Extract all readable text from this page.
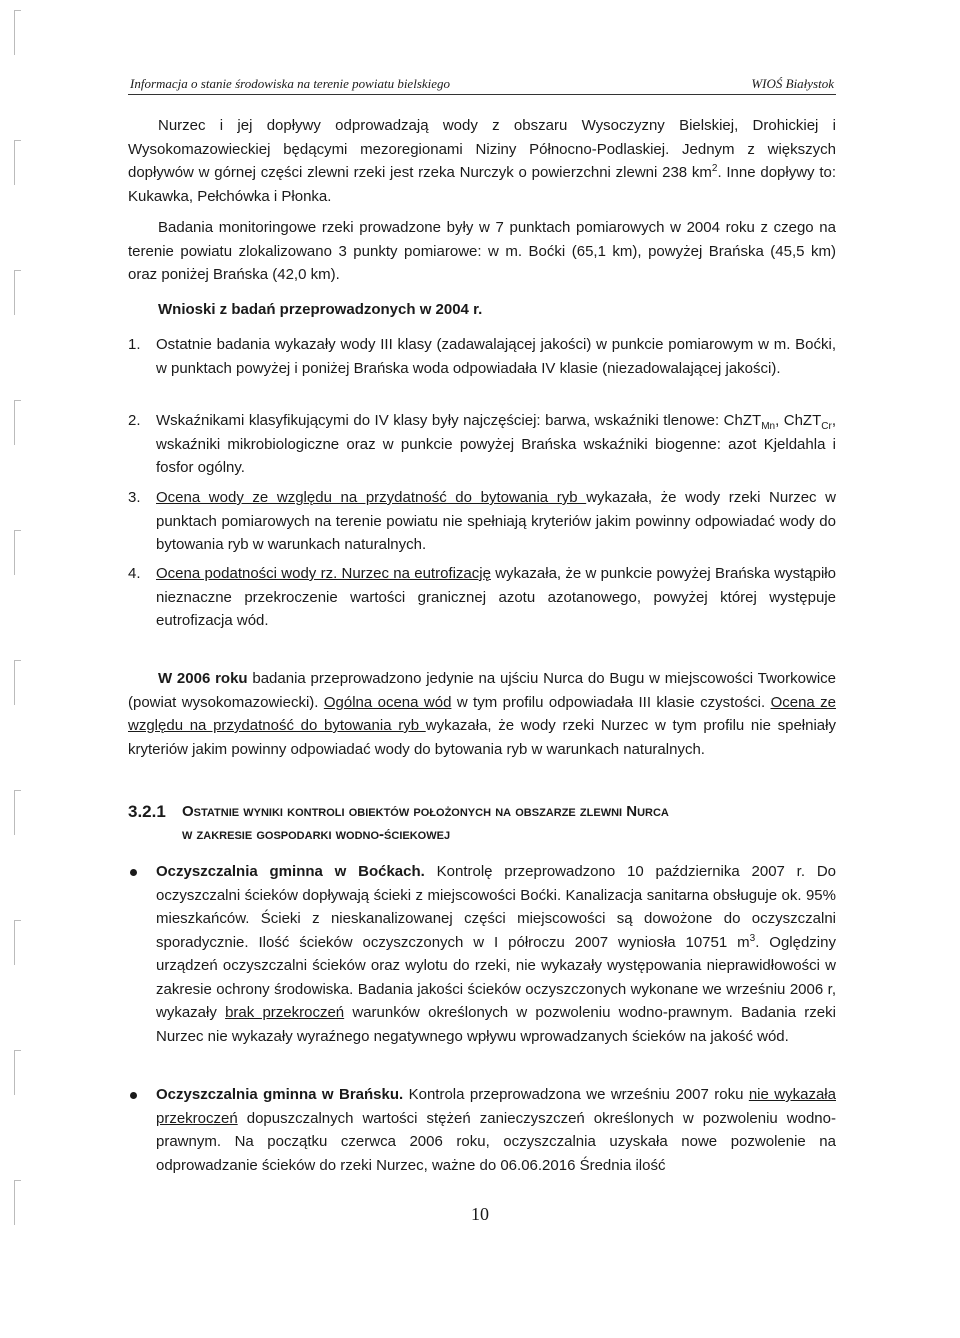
Informacja o stanie środowiska na terenie powiatu bielskiego	WIOŚ Białystok

Nurzec i jej dopływy odprowadzają wody z obszaru Wysoczyzny Bielskiej, Drohickiej i Wysokomazowieckiej będącymi mezoregionami Niziny Północno-Podlaskiej. Jednym z większych dopływów w górnej części zlewni rzeki jest rzeka Nurczyk o powierzchni zlewni 238 $km^2$. Inne dopływy to: Kukawka, Pełchówka i Płonka.

Badania monitoringowe rzeki prowadzone były w 7 punktach pomiarowych w 2004 roku z czego na terenie powiatu zlokalizowano 3 punkty pomiarowe: w m. Boćki (65,1 km), powyżej Brańska (45,5 km) oraz poniżej Brańska (42,0 km).

Wnioski z badań przeprowadzonych w 2004 r.
1.	Ostatnie badania wykazały wody III klasy (zadawalającej jakości) w punkcie pomiarowym w m. Boćki, w punktach powyżej i poniżej Brańska woda odpowiadała IV klasie (niezadowalającej jakości).
2.	Wskaźnikami klasyfikującymi do IV klasy były najczęściej: barwa, wskaźniki tlenowe: ChZT$_{Mn}$, ChZT$_{Cr}$, wskaźniki mikrobiologiczne oraz w punkcie powyżej Brańska wskaźniki biogenne: azot Kjeldahla i fosfor ogólny.
3.	Ocena wody ze względu na przydatność do bytowania ryb wykazała, że wody rzeki Nurzec w punktach pomiarowych na terenie powiatu nie spełniają kryteriów jakim powinny odpowiadać wody do bytowania ryb w warunkach naturalnych.
4.	Ocena podatności wody rz. Nurzec na eutrofizację wykazała, że w punkcie powyżej Brańska wystąpiło nieznaczne przekroczenie wartości granicznej azotu azotanowego, powyżej której występuje eutrofizacja wód.

W 2006 roku badania przeprowadzono jedynie na ujściu Nurca do Bugu w miejscowości Tworkowice (powiat wysokomazowiecki). Ogólna ocena wód w tym profilu odpowiadała III klasie czystości. Ocena ze względu na przydatność do bytowania ryb wykazała, że wody rzeki Nurzec w tym profilu nie spełniały kryteriów jakim powinny odpowiadać wody do bytowania ryb w warunkach naturalnych.

3.2.1 Ostatnie wyniki kontroli obiektów położonych na obszarze zlewni Nurca
w zakresie gospodarki wodno-ściekowej
Oczyszczalnia gminna w Boćkach. Kontrolę przeprowadzono 10 października 2007 r. Do oczyszczalni ścieków dopływają ścieki z miejscowości Boćki. Kanalizacja sanitarna obsługuje ok. 95% mieszkańców. Ścieki z nieskanalizowanej części miejscowości są dowożone do oczyszczalni sporadycznie. Ilość ścieków oczyszczonych w I półroczu 2007 wyniosła 10751 $m^3$. Oględziny urządzeń oczyszczalni ścieków oraz wylotu do rzeki, nie wykazały występowania nieprawidłowości w zakresie ochrony środowiska. Badania jakości ścieków oczyszczonych wykonane we wrześniu 2006 r, wykazały brak przekroczeń warunków określonych w pozwoleniu wodno-prawnym. Badania rzeki Nurzec nie wykazały wyraźnego negatywnego wpływu wprowadzanych ścieków na jakość wód.
Oczyszczalnia gminna w Brańsku. Kontrola przeprowadzona we wrześniu 2007 roku nie wykazała przekroczeń dopuszczalnych wartości stężeń zanieczyszczeń określonych w pozwoleniu wodno-prawnym. Na początku czerwca 2006 roku, oczyszczalnia uzyskała nowe pozwolenie na odprowadzanie ścieków do rzeki Nurzec, ważne do 06.06.2016 Średnia ilość
10
